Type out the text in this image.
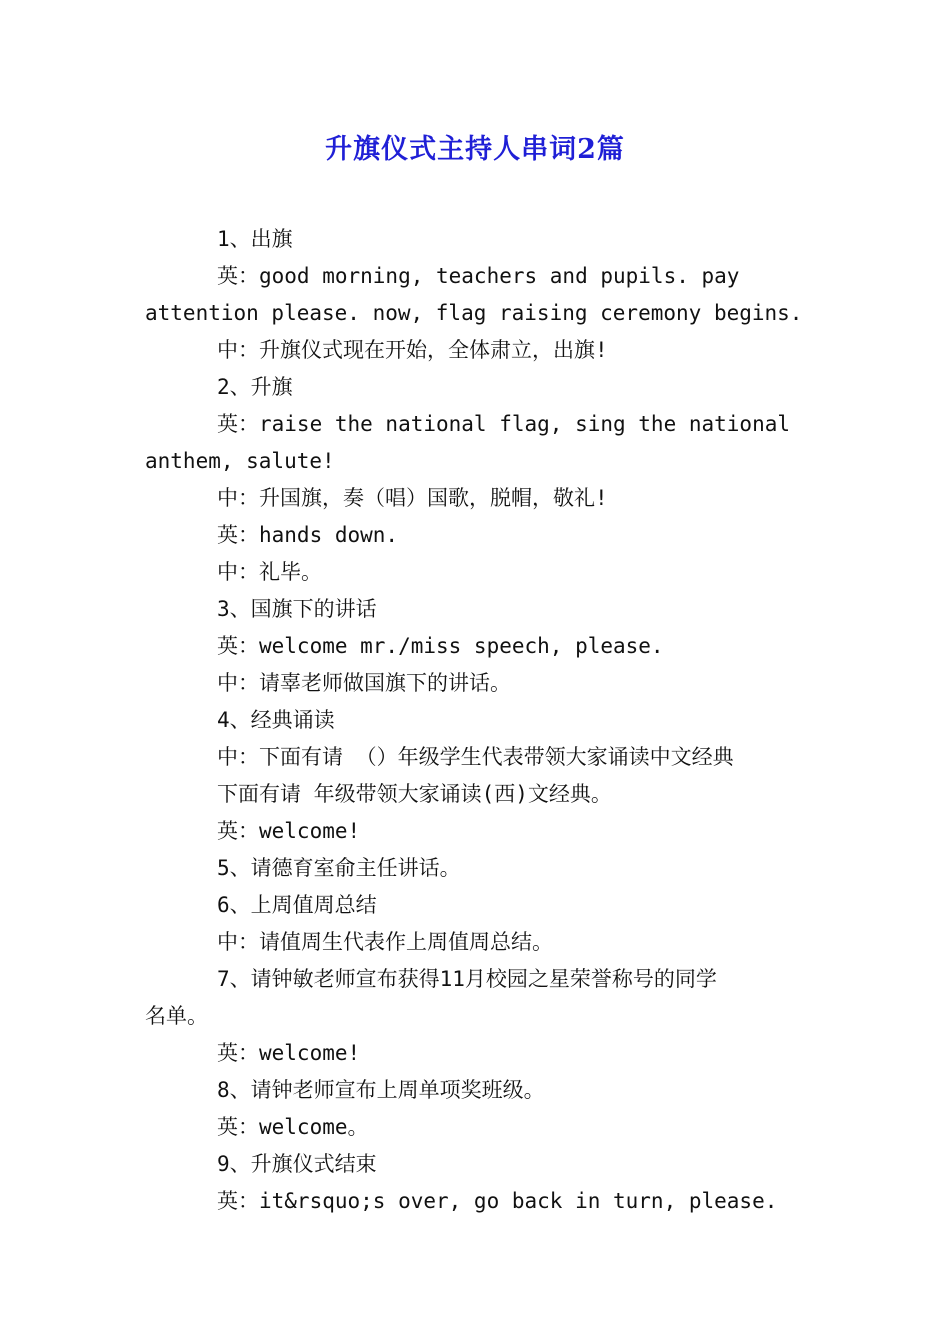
升旗仪式主持人串词2篇
1、出旗
英：good morning, teachers and pupils. pay
attention please. now, flag raising ceremony begins.
中：升旗仪式现在开始，全体肃立，出旗!
2、升旗
英：raise the national flag, sing the national
anthem, salute!
中：升国旗，奏（唱）国歌，脱帽，敬礼!
英：hands down.
中：礼毕。
3、国旗下的讲话
英：welcome mr./miss speech, please.
中：请辜老师做国旗下的讲话。
4、经典诵读
中：下面有请 （）年级学生代表带领大家诵读中文经典
下面有请 年级带领大家诵读(西)文经典。
英：welcome!
5、请德育室俞主任讲话。
6、上周值周总结
中：请值周生代表作上周值周总结。
7、请钟敏老师宣布获得11月校园之星荣誉称号的同学
名单。
英：welcome!
8、请钟老师宣布上周单项奖班级。
英：welcome。
9、升旗仪式结束
英：it&rsquo;s over, go back in turn, please.
